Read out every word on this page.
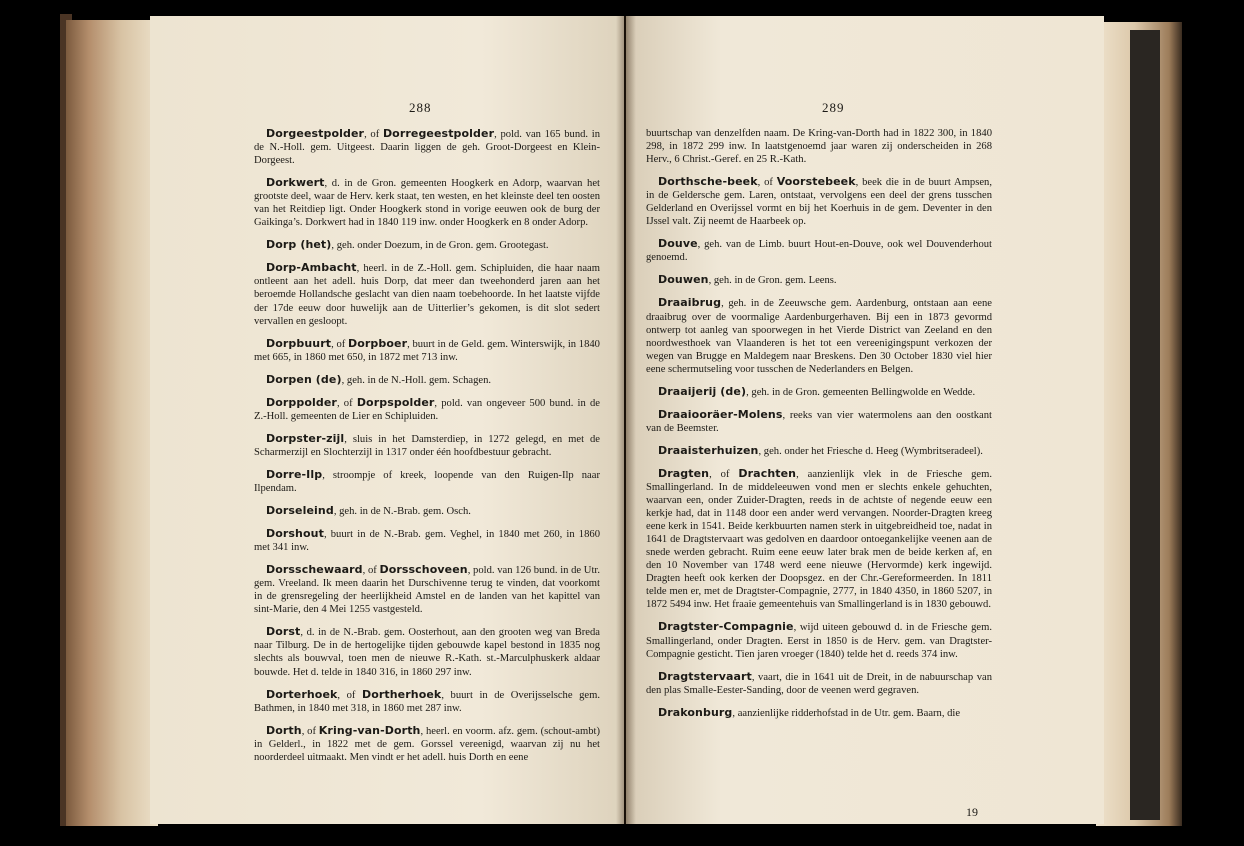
288
Dorgeestpolder, of Dorregeestpolder, pold. van 165 bund. in de N.-Holl. gem. Uitgeest. Daarin liggen de geh. Groot-Dorgeest en Klein-Dorgeest.
Dorkwert, d. in de Gron. gemeenten Hoogkerk en Adorp, waarvan het grootste deel, waar de Herv. kerk staat, ten westen, en het kleinste deel ten oosten van het Reitdiep ligt. Onder Hoogkerk stond in vorige eeuwen ook de burg der Gaikinga’s. Dorkwert had in 1840 119 inw. onder Hoogkerk en 8 onder Adorp.
Dorp (het), geh. onder Doezum, in de Gron. gem. Grootegast.
Dorp-Ambacht, heerl. in de Z.-Holl. gem. Schipluiden, die haar naam ontleent aan het adell. huis Dorp, dat meer dan tweehonderd jaren aan het beroemde Hollandsche geslacht van dien naam toebehoorde. In het laatste vijfde der 17de eeuw door huwelijk aan de Uitterlier’s gekomen, is dit slot sedert vervallen en gesloopt.
Dorpbuurt, of Dorpboer, buurt in de Geld. gem. Winterswijk, in 1840 met 665, in 1860 met 650, in 1872 met 713 inw.
Dorpen (de), geh. in de N.-Holl. gem. Schagen.
Dorppolder, of Dorpspolder, pold. van ongeveer 500 bund. in de Z.-Holl. gemeenten de Lier en Schipluiden.
Dorpster-zijl, sluis in het Damsterdiep, in 1272 gelegd, en met de Scharmerzijl en Slochterzijl in 1317 onder één hoofdbestuur gebracht.
Dorre-Ilp, stroompje of kreek, loopende van den Ruigen-Ilp naar Ilpendam.
Dorseleind, geh. in de N.-Brab. gem. Osch.
Dorshout, buurt in de N.-Brab. gem. Veghel, in 1840 met 260, in 1860 met 341 inw.
Dorsschewaard, of Dorsschoveen, pold. van 126 bund. in de Utr. gem. Vreeland. Ik meen daarin het Durschivenne terug te vinden, dat voorkomt in de grensregeling der heerlijkheid Amstel en de landen van het kapittel van sint-Marie, den 4 Mei 1255 vastgesteld.
Dorst, d. in de N.-Brab. gem. Oosterhout, aan den grooten weg van Breda naar Tilburg. De in de hertogelijke tijden gebouwde kapel bestond in 1835 nog slechts als bouwval, toen men de nieuwe R.-Kath. st.-Marculphuskerk aldaar bouwde. Het d. telde in 1840 316, in 1860 297 inw.
Dorterhoek, of Dortherhoek, buurt in de Overijsselsche gem. Bathmen, in 1840 met 318, in 1860 met 287 inw.
Dorth, of Kring-van-Dorth, heerl. en voorm. afz. gem. (schout-ambt) in Gelderl., in 1822 met de gem. Gorssel vereenigd, waarvan zij nu het noorderdeel uitmaakt. Men vindt er het adell. huis Dorth en eene
289
buurtschap van denzelfden naam. De Kring-van-Dorth had in 1822 300, in 1840 298, in 1872 299 inw. In laatstgenoemd jaar waren zij onderscheiden in 268 Herv., 6 Christ.-Geref. en 25 R.-Kath.
Dorthsche-beek, of Voorstebeek, beek die in de buurt Ampsen, in de Geldersche gem. Laren, ontstaat, vervolgens een deel der grens tusschen Gelderland en Overijssel vormt en bij het Koerhuis in de gem. Deventer in den IJssel valt. Zij neemt de Haarbeek op.
Douve, geh. van de Limb. buurt Hout-en-Douve, ook wel Douvenderhout genoemd.
Douwen, geh. in de Gron. gem. Leens.
Draaibrug, geh. in de Zeeuwsche gem. Aardenburg, ontstaan aan eene draaibrug over de voormalige Aardenburgerhaven. Bij een in 1873 gevormd ontwerp tot aanleg van spoorwegen in het Vierde District van Zeeland en den noordwesthoek van Vlaanderen is het tot een vereenigingspunt verkozen der wegen van Brugge en Maldegem naar Breskens. Den 30 October 1830 viel hier eene schermutseling voor tusschen de Nederlanders en Belgen.
Draaijerij (de), geh. in de Gron. gemeenten Bellingwolde en Wedde.
Draaiooräer-Molens, reeks van vier watermolens aan den oostkant van de Beemster.
Draaisterhuizen, geh. onder het Friesche d. Heeg (Wymbritseradeel).
Dragten, of Drachten, aanzienlijk vlek in de Friesche gem. Smallingerland. In de middeleeuwen vond men er slechts enkele gehuchten, waarvan een, onder Zuider-Dragten, reeds in de achtste of negende eeuw een kerkje had, dat in 1148 door een ander werd vervangen. Noorder-Dragten kreeg eene kerk in 1541. Beide kerkbuurten namen sterk in uitgebreidheid toe, nadat in 1641 de Dragtstervaart was gedolven en daardoor ontoegankelijke veenen aan de snede werden gebracht. Ruim eene eeuw later brak men de beide kerken af, en den 10 November van 1748 werd eene nieuwe (Hervormde) kerk ingewijd. Dragten heeft ook kerken der Doopsgez. en der Chr.-Gereformeerden. In 1811 telde men er, met de Dragtster-Compagnie, 2777, in 1840 4350, in 1860 5207, in 1872 5494 inw. Het fraaie gemeentehuis van Smallingerland is in 1830 gebouwd.
Dragtster-Compagnie, wijd uiteen gebouwd d. in de Friesche gem. Smallingerland, onder Dragten. Eerst in 1850 is de Herv. gem. van Dragtster-Compagnie gesticht. Tien jaren vroeger (1840) telde het d. reeds 374 inw.
Dragtstervaart, vaart, die in 1641 uit de Dreit, in de nabuurschap van den plas Smalle-Eester-Sanding, door de veenen werd gegraven.
Drakonburg, aanzienlijke ridderhofstad in de Utr. gem. Baarn, die
19
